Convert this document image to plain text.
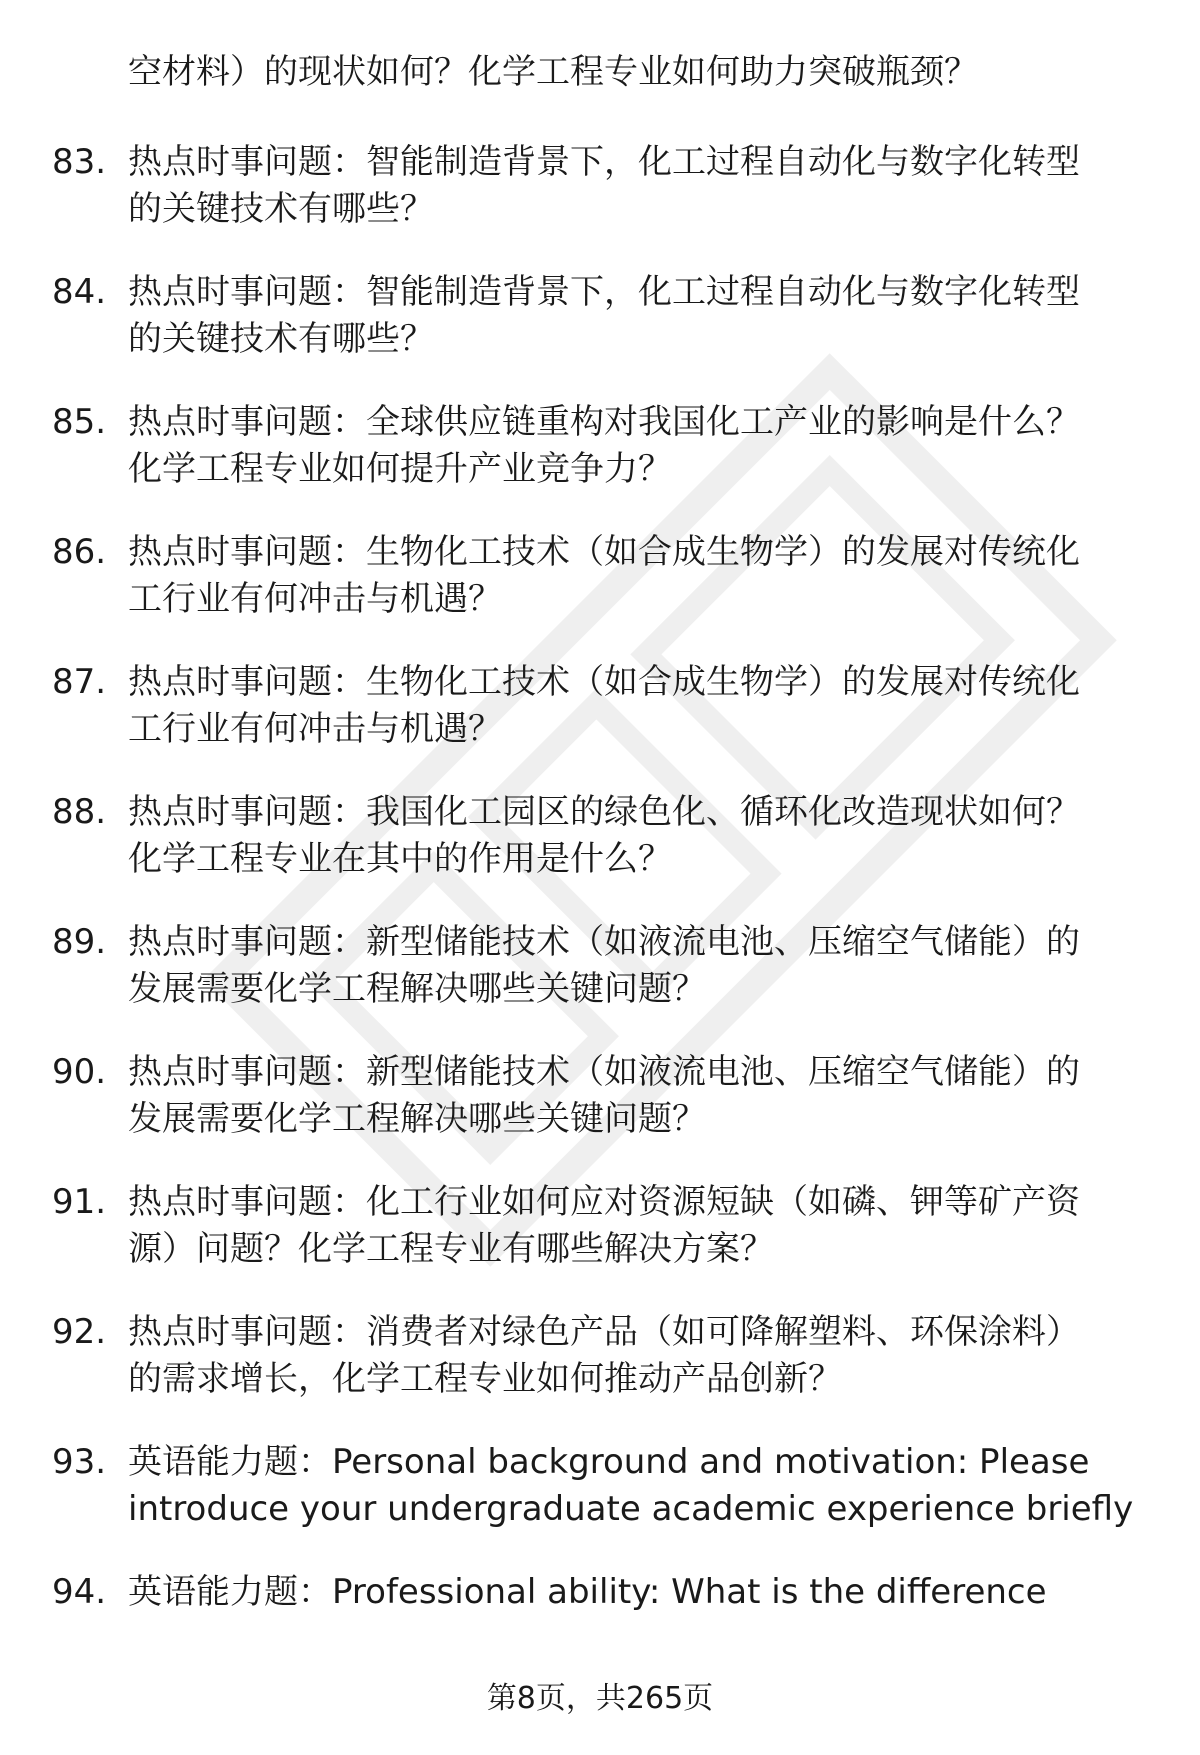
空材料）的现状如何？化学工程专业如何助力突破瓶颈？
83. 热点时事问题：智能制造背景下，化工过程自动化与数字化转型
的关键技术有哪些？
84. 热点时事问题：智能制造背景下，化工过程自动化与数字化转型
的关键技术有哪些？
85. 热点时事问题：全球供应链重构对我国化工产业的影响是什么？
化学工程专业如何提升产业竞争力？
86. 热点时事问题：生物化工技术（如合成生物学）的发展对传统化
工行业有何冲击与机遇？
87. 热点时事问题：生物化工技术（如合成生物学）的发展对传统化
工行业有何冲击与机遇？
88. 热点时事问题：我国化工园区的绿色化、循环化改造现状如何？
化学工程专业在其中的作用是什么？
89. 热点时事问题：新型储能技术（如液流电池、压缩空气储能）的
发展需要化学工程解决哪些关键问题？
90. 热点时事问题：新型储能技术（如液流电池、压缩空气储能）的
发展需要化学工程解决哪些关键问题？
91. 热点时事问题：化工行业如何应对资源短缺（如磷、钾等矿产资
源）问题？化学工程专业有哪些解决方案？
92. 热点时事问题：消费者对绿色产品（如可降解塑料、环保涂料）
的需求增长，化学工程专业如何推动产品创新？
93. 英语能力题：Personal background and motivation: Please
introduce your undergraduate academic experience briefly
94. 英语能力题：Professional ability: What is the difference
第8页，共265页
